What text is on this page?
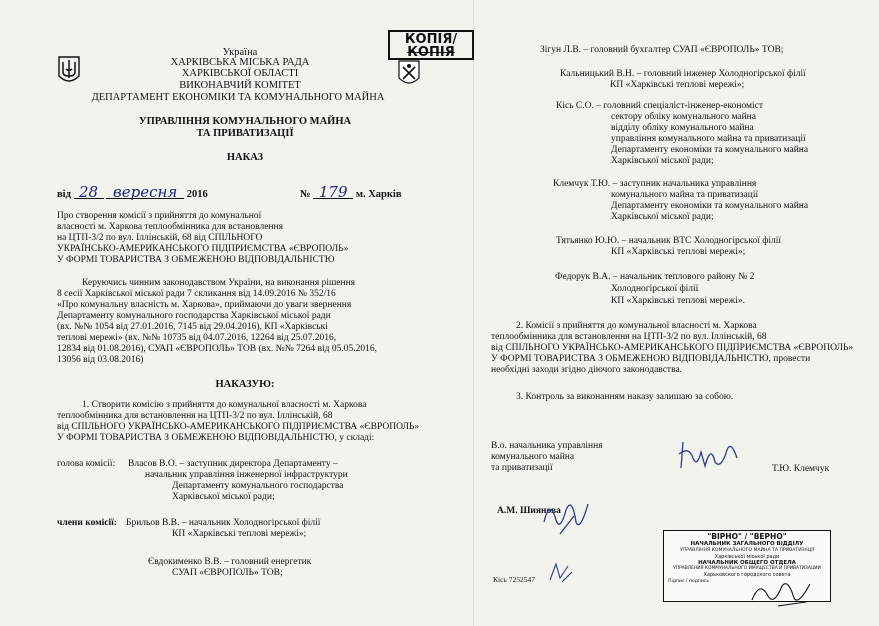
Україна
ХАРКІВСЬКА МІСЬКА РАДА
ХАРКІВСЬКОЇ ОБЛАСТІ
ВИКОНАВЧИЙ КОМІТЕТ
ДЕПАРТАМЕНТ ЕКОНОМІКИ ТА КОМУНАЛЬНОГО МАЙНА
КОПІЯ/
КОПІЯ
УПРАВЛІННЯ КОМУНАЛЬНОГО МАЙНА
ТА ПРИВАТИЗАЦІЇ
НАКАЗ
від 28 вересня 2016	№ 179 м. Харків
Про створення комісії з прийняття до комунальної
власності м. Харкова теплообмінника для встановлення
на ЦТП-3/2 по вул. Іллінській, 68 від СПІЛЬНОГО
УКРАЇНСЬКО-АМЕРИКАНСЬКОГО ПІДПРИЄМСТВА «ЄВРОПОЛЬ»
У ФОРМІ ТОВАРИСТВА З ОБМЕЖЕНОЮ ВІДПОВІДАЛЬНІСТЮ
Керуючись чинним законодавством України, на виконання рішення
8 сесії Харківської міської ради 7 скликання від 14.09.2016 № 352/16
«Про комунальну власність м. Харкова», приймаючи до уваги звернення
Департаменту комунального господарства Харківської міської ради
(вх. №№ 1054 від 27.01.2016, 7145 від 29.04.2016), КП «Харківські
теплові мережі» (вх. №№ 10735 від 04.07.2016, 12264 від 25.07.2016,
12834 від 01.08.2016), СУАП «ЄВРОПОЛЬ» ТОВ (вх. №№ 7264 від 05.05.2016,
13056 від 03.08.2016)
НАКАЗУЮ:
1. Створити комісію з прийняття до комунальної власності м. Харкова
теплообмінника для встановлення на ЦТП-3/2 по вул. Іллінській, 68
від СПІЛЬНОГО УКРАЇНСЬКО-АМЕРИКАНСЬКОГО ПІДПРИЄМСТВА «ЄВРОПОЛЬ»
У ФОРМІ ТОВАРИСТВА З ОБМЕЖЕНОЮ ВІДПОВІДАЛЬНІСТЮ, у складі:
голова комісії: Власов В.О. – заступник директора Департаменту –
начальник управління інженерної інфраструктури
Департаменту комунального господарства
Харківської міської ради;
члени комісії: Брильов В.В. – начальник Холодногірської філії
КП «Харківські теплові мережі»;
Євдокименко В.В. – головний енергетик
СУАП «ЄВРОПОЛЬ» ТОВ;
Зігун Л.В. – головний бухгалтер СУАП «ЄВРОПОЛЬ» ТОВ;
Кальницький В.Н. – головний інженер Холодногірської філії
КП «Харківські теплові мережі»;
Кісь С.О. – головний спеціаліст-інженер-економіст
сектору обліку комунального майна
відділу обліку комунального майна
управління комунального майна та приватизації
Департаменту економіки та комунального майна
Харківської міської ради;
Клемчук Т.Ю. – заступник начальника управління
комунального майна та приватизації
Департаменту економіки та комунального майна
Харківської міської ради;
Тятьянко Ю.Ю. – начальник ВТС Холодногірської філії
КП «Харківські теплові мережі»;
Федорук В.А. – начальник теплового району № 2
Холодногірської філії
КП «Харківські теплові мережі».
2. Комісії з прийняття до комунальної власності м. Харкова
теплообмінника для встановлення на ЦТП-3/2 по вул. Іллінській, 68
від СПІЛЬНОГО УКРАЇНСЬКО-АМЕРИКАНСЬКОГО ПІДПРИЄМСТВА «ЄВРОПОЛЬ»
У ФОРМІ ТОВАРИСТВА З ОБМЕЖЕНОЮ ВІДПОВІДАЛЬНІСТЮ, провести
необхідні заходи згідно діючого законодавства.
3. Контроль за виконанням наказу залишаю за собою.
В.о. начальника управління
комунального майна
та приватизації	Т.Ю. Клемчук
А.М. Шиянова
Кісь 7252547
"ВІРНО" / "ВЕРНО"
НАЧАЛЬНИК ЗАГАЛЬНОГО ВІДДІЛУ
УПРАВЛІННЯ КОМУНАЛЬНОГО МАЙНА ТА ПРИВАТИЗАЦІЇ
Харківської міської ради
НАЧАЛЬНИК ОБЩЕГО ОТДЕЛА
УПРАВЛЕНИЯ КОММУНАЛЬНОГО ИМУЩЕСТВА И ПРИВАТИЗАЦИИ
Харьковского городского совета
Підпис / подпись
